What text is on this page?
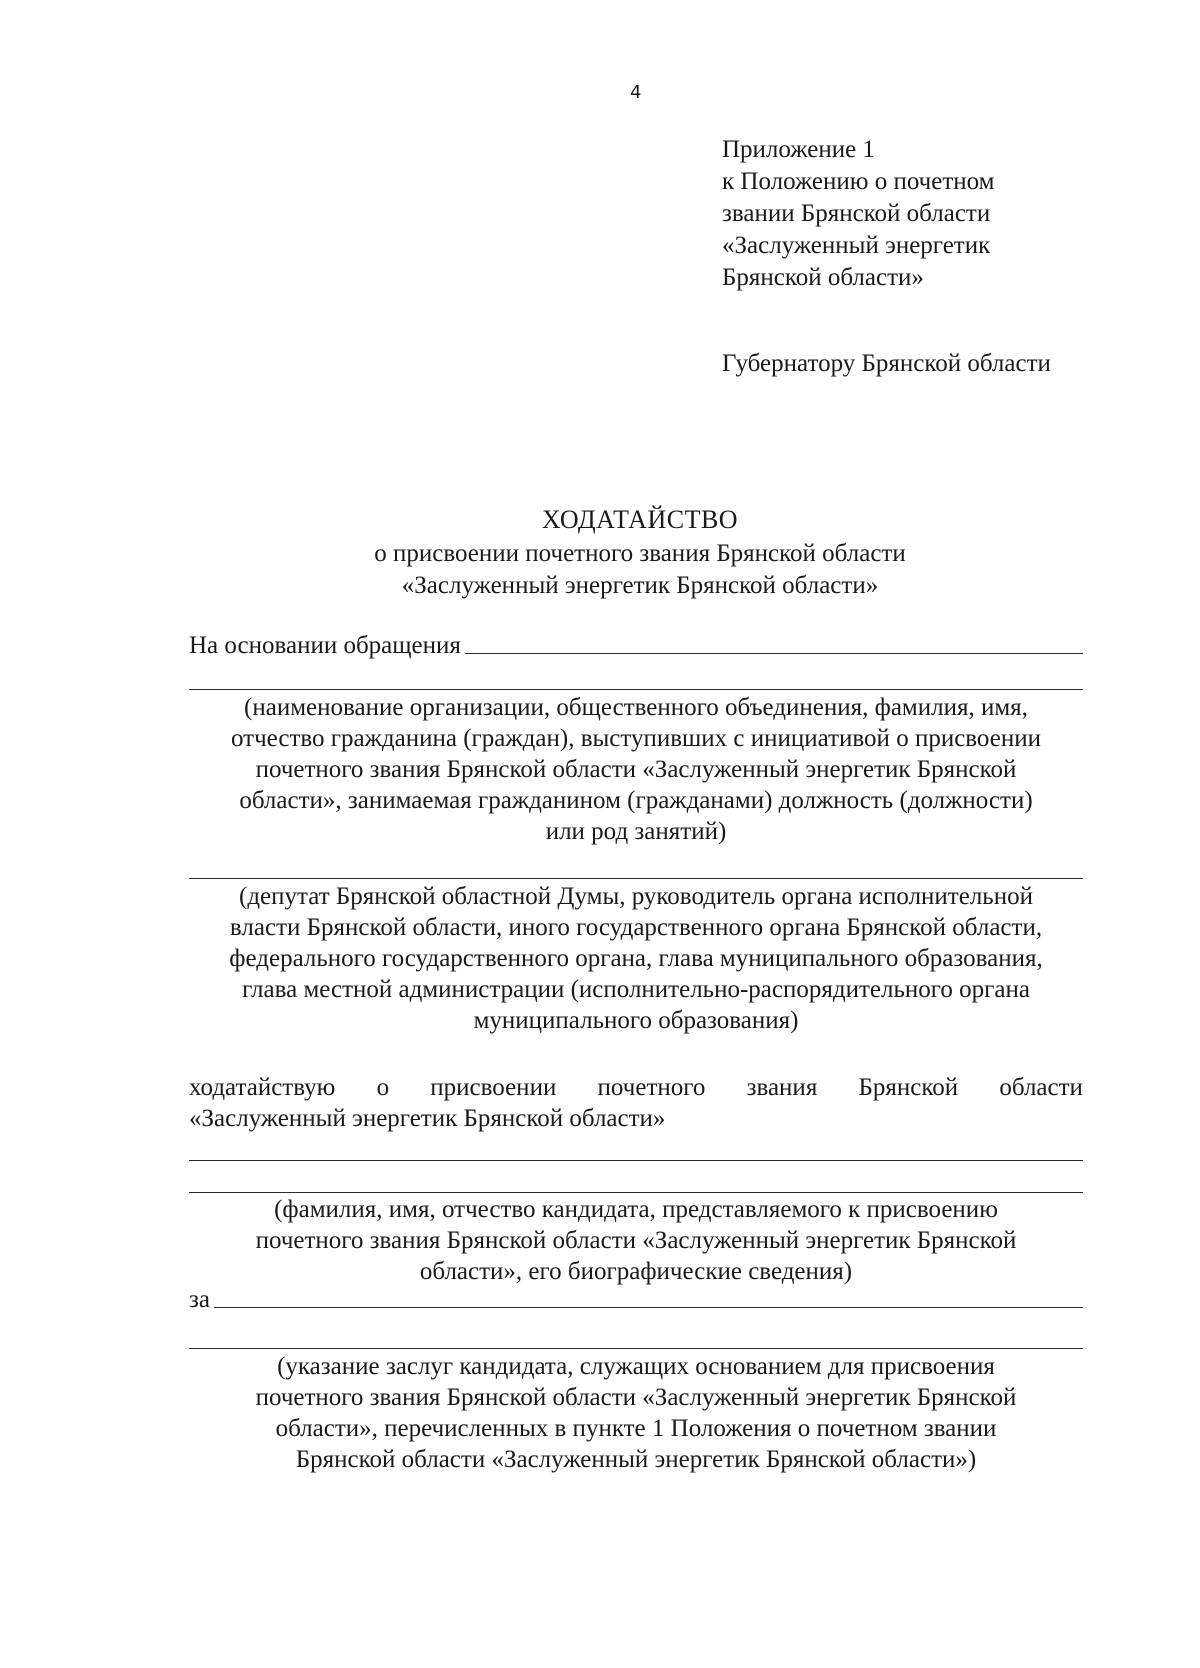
4
Приложение 1
к Положению о почетном
звании Брянской области
«Заслуженный энергетик
Брянской области»
Губернатору Брянской области
ХОДАТАЙСТВО
о присвоении почетного звания Брянской области
«Заслуженный энергетик Брянской области»
На основании обращения
(наименование организации, общественного объединения, фамилия, имя,
отчество гражданина (граждан), выступивших с инициативой о присвоении
почетного звания Брянской области «Заслуженный энергетик Брянской
области», занимаемая гражданином (гражданами) должность (должности)
или род занятий)
(депутат Брянской областной Думы, руководитель органа исполнительной
власти Брянской области, иного государственного органа Брянской области,
федерального государственного органа, глава муниципального образования,
глава местной администрации (исполнительно-распорядительного органа
муниципального образования)
ходатайствую о присвоении почетного звания Брянской области
«Заслуженный энергетик Брянской области»
(фамилия, имя, отчество кандидата, представляемого к присвоению
почетного звания Брянской области «Заслуженный энергетик Брянской
области», его биографические сведения)
за
(указание заслуг кандидата, служащих основанием для присвоения
почетного звания Брянской области «Заслуженный энергетик Брянской
области», перечисленных в пункте 1 Положения о почетном звании
Брянской области «Заслуженный энергетик Брянской области»)
